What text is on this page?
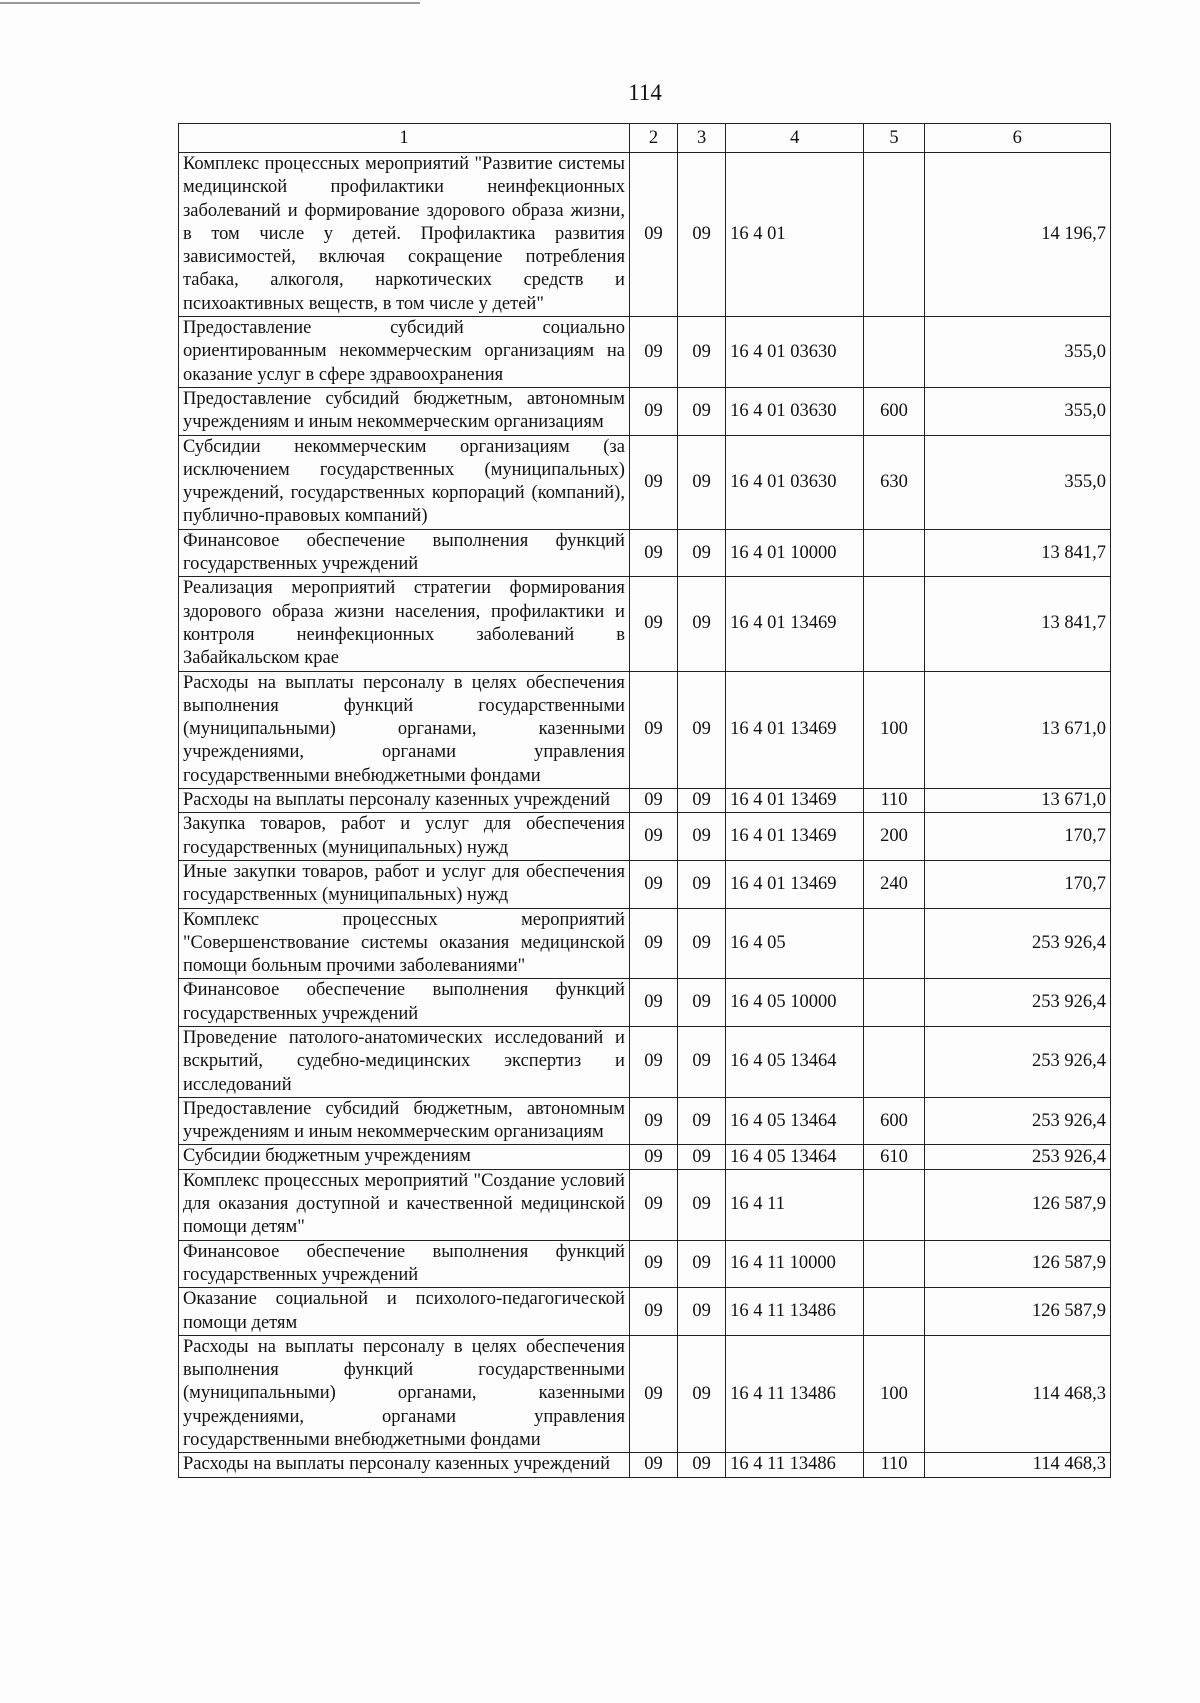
114
1	2	3	4	5	6
Комплекс процессных мероприятий "Развитие системы медицинской профилактики неинфекционных заболеваний и формирование здорового образа жизни, в том числе у детей. Профилактика развития зависимостей, включая сокращение потребления табака, алкоголя, наркотических средств и психоактивных веществ, в том числе у детей"	09	09	16 4 01		14 196,7
Предоставление субсидий социально ориентированным некоммерческим организациям на оказание услуг в сфере здравоохранения	09	09	16 4 01 03630		355,0
Предоставление субсидий бюджетным, автономным учреждениям и иным некоммерческим организациям	09	09	16 4 01 03630	600	355,0
Субсидии некоммерческим организациям (за исключением государственных (муниципальных) учреждений, государственных корпораций (компаний), публично-правовых компаний)	09	09	16 4 01 03630	630	355,0
Финансовое обеспечение выполнения функций государственных учреждений	09	09	16 4 01 10000		13 841,7
Реализация мероприятий стратегии формирования здорового образа жизни населения, профилактики и контроля неинфекционных заболеваний в Забайкальском крае	09	09	16 4 01 13469		13 841,7
Расходы на выплаты персоналу в целях обеспечения выполнения функций государственными (муниципальными) органами, казенными учреждениями, органами управления государственными внебюджетными фондами	09	09	16 4 01 13469	100	13 671,0
Расходы на выплаты персоналу казенных учреждений	09	09	16 4 01 13469	110	13 671,0
Закупка товаров, работ и услуг для обеспечения государственных (муниципальных) нужд	09	09	16 4 01 13469	200	170,7
Иные закупки товаров, работ и услуг для обеспечения государственных (муниципальных) нужд	09	09	16 4 01 13469	240	170,7
Комплекс процессных мероприятий "Совершенствование системы оказания медицинской помощи больным прочими заболеваниями"	09	09	16 4 05		253 926,4
Финансовое обеспечение выполнения функций государственных учреждений	09	09	16 4 05 10000		253 926,4
Проведение патолого-анатомических исследований и вскрытий, судебно-медицинских экспертиз и исследований	09	09	16 4 05 13464		253 926,4
Предоставление субсидий бюджетным, автономным учреждениям и иным некоммерческим организациям	09	09	16 4 05 13464	600	253 926,4
Субсидии бюджетным учреждениям	09	09	16 4 05 13464	610	253 926,4
Комплекс процессных мероприятий "Создание условий для оказания доступной и качественной медицинской помощи детям"	09	09	16 4 11		126 587,9
Финансовое обеспечение выполнения функций государственных учреждений	09	09	16 4 11 10000		126 587,9
Оказание социальной и психолого-педагогической помощи детям	09	09	16 4 11 13486		126 587,9
Расходы на выплаты персоналу в целях обеспечения выполнения функций государственными (муниципальными) органами, казенными учреждениями, органами управления государственными внебюджетными фондами	09	09	16 4 11 13486	100	114 468,3
Расходы на выплаты персоналу казенных учреждений	09	09	16 4 11 13486	110	114 468,3
